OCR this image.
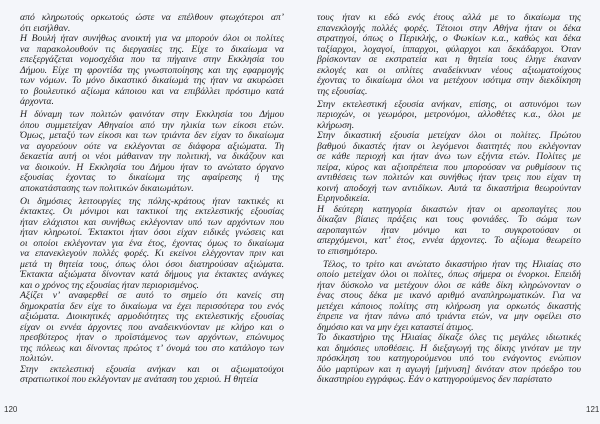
από κληρωτούς ορκωτούς ώστε να επέλθουν φτωχότεροι απ’
ότι εισήλθαν.
Η Βουλή ήταν συνήθως ανοικτή για να μπορούν όλοι οι πολίτες
να παρακολουθούν τις διεργασίες της. Είχε το δικαίωμα να
επεξεργάζεται νομοσχέδια που τα πήγαινε στην Εκκλησία του
Δήμου. Είχε τη φροντίδα της γνωστοποίησης και της εφαρμογής
των νόμων. Το μόνο δικαστικό δικαίωμά της ήταν να ακυρώσει
το βουλευτικό αξίωμα κάποιου και να επιβάλλει πρόστιμο κατά
άρχοντα.
Η δύναμη των πολιτών φαινόταν στην Εκκλησία του Δήμου
όπου συμμετείχαν Αθηναίοι από την ηλικία των είκοσι ετών.
Όμως, μεταξύ των είκοσι και των τριάντα δεν είχαν το δικαίωμα
να αγορεύουν ούτε να εκλέγονται σε διάφορα αξιώματα. Τη
δεκαετία αυτή οι νέοι μάθαιναν την πολιτική, να δικάζουν και
να διοικούν. Η Εκκλησία του Δήμου ήταν το ανώτατο όργανο
εξουσίας έχοντας το δικαίωμα της αφαίρεσης ή της
αποκατάστασης των πολιτικών δικαιωμάτων.
Οι δημόσιες λειτουργίες της πόλης-κράτους ήταν τακτικές κι
έκτακτες. Οι μόνιμοι και τακτικοί της εκτελεστικής εξουσίας
ήταν ελάχιστοι και συνήθως εκλέγονταν υπό των αρχόντων που
ήταν κληρωτοί. Έκτακτοι ήταν όσοι είχαν ειδικές γνώσεις και
οι οποίοι εκλέγονταν για ένα έτος, έχοντας όμως το δικαίωμα
να επανεκλεγούν πολλές φορές. Κι εκείνοι ελέγχονταν πριν και
μετά τη θητεία τους, όπως όλοι όσοι διατηρούσαν αξιώματα.
Έκτακτα αξιώματα δίνονταν κατά δήμους για έκτακτες ανάγκες
και ο χρόνος της εξουσίας ήταν περιορισμένος.
Αξίζει ν’ αναφερθεί σε αυτό το σημείο ότι κανείς στη
δημοκρατία δεν είχε το δικαίωμα να έχει περισσότερα του ενός
αξιώματα. Διοικητικές αρμοδιότητες της εκτελεστικής εξουσίας
είχαν οι εννέα άρχοντες που αναδεικνύονταν με κλήρο και ο
πρεσβύτερος ήταν ο προϊστάμενος των αρχόντων, επώνυμος
της πόλεως και δίνοντας πρώτος τ’ όνομά του στο κατάλογο των
πολιτών.
Στην εκτελεστική εξουσία ανήκαν και οι αξιωματούχοι
στρατιωτικοί που εκλέγονταν με ανάταση του χεριού. Η θητεία
τους ήταν κι εδώ ενός έτους αλλά με το δικαίωμα της
επανεκλογής πολλές φορές. Τέτοιοι στην Αθήνα ήταν οι δέκα
στρατηγοί, όπως ο Περικλής, ο Φωκίων κ.α., καθώς και δέκα
ταξίαρχοι, λοχαγοί, ίππαρχοι, φύλαρχοι και δεκάδαρχοι. Όταν
βρίσκονταν σε εκστρατεία και η θητεία τους έληγε έκαναν
εκλογές και οι οπλίτες αναδείκνυαν νέους αξιωματούχους
έχοντας το δικαίωμα όλοι να μετέχουν ισότιμα στην διεκδίκηση
της εξουσίας.
Στην εκτελεστική εξουσία ανήκαν, επίσης, οι αστυνόμοι των
περιοχών, οι γεωμόροι, μετρονόμοι, αλλοθέτες κ.α., όλοι με
κλήρωση.
Στην δικαστική εξουσία μετείχαν όλοι οι πολίτες. Πρώτου
βαθμού δικαστές ήταν οι λεγόμενοι διαιτητές που εκλέγονταν
σε κάθε περιοχή και ήταν άνω των εξήντα ετών. Πολίτες με
πείρα, κύρος και αξιοπρέπεια που μπορούσαν να ρυθμίσουν τις
αντιθέσεις των πολιτών και συνήθως ήταν τρεις που είχαν τη
κοινή αποδοχή των αντιδίκων. Αυτά τα δικαστήρια θεωρούνταν
Ειρηνοδικεία.
Η δεύτερη κατηγορία δικαστών ήταν οι αρεοπαγίτες που
δίκαζαν βίαιες πράξεις και τους φονιάδες. Το σώμα των
αεροπαγιτών ήταν μόνιμο και το συγκροτούσαν οι
απερχόμενοι, κατ’ έτος, εννέα άρχοντες. Το αξίωμα θεωρείτο
το επισημότερο.
Τέλος, το τρίτο και ανώτατο δικαστήριο ήταν της Ηλιαίας στο
οποίο μετείχαν όλοι οι πολίτες, όπως σήμερα οι ένορκοι. Επειδή
ήταν δύσκολο να μετέχουν όλοι σε κάθε δίκη κληρώνονταν ο
ένας στους δέκα με ικανό αριθμό αναπληρωματικών. Για να
μετέχει κάποιος πολίτης στη κλήρωση για ορκωτός δικαστής
έπρεπε να ήταν πάνω από τριάντα ετών, να μην οφείλει στο
δημόσιο και να μην έχει καταστεί άτιμος.
Το δικαστήριο της Ηλιαίας δίκαζε όλες τις μεγάλες ιδιωτικές
και δημόσιες υποθέσεις. Η διεξαγωγή της δίκης γινόταν με την
πρόσκληση του κατηγορούμενου υπό του ενάγοντος ενώπιον
δύο μαρτύρων και η αγωγή [μήνυση] δινόταν στον πρόεδρο του
δικαστηρίου εγγράφως. Εάν ο κατηγορούμενος δεν παρίστατο
120	121
